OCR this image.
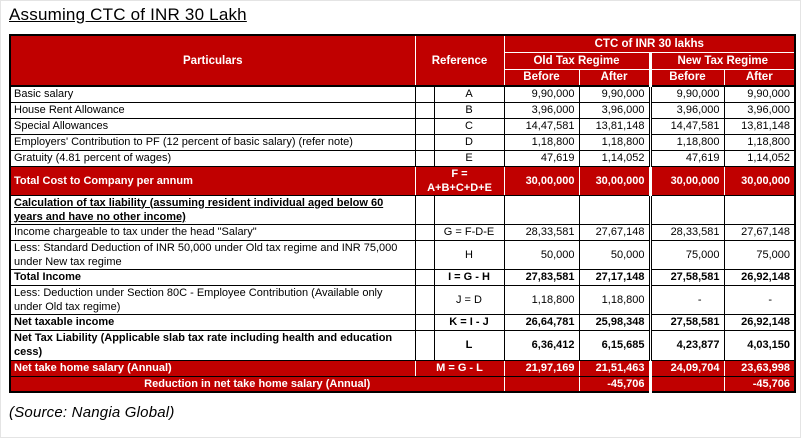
Assuming CTC of INR 30 Lakh
Particulars	Reference		CTC of INR 30 lakhs			
			Old Tax Regime		New Tax Regime	
			Before	After	Before	After
Basic salary		A	9,90,000	9,90,000	9,90,000	9,90,000
House Rent Allowance		B	3,96,000	3,96,000	3,96,000	3,96,000
Special Allowances		C	14,47,581	13,81,148	14,47,581	13,81,148
Employers' Contribution to PF (12 percent of basic salary) (refer note)		D	1,18,800	1,18,800	1,18,800	1,18,800
Gratuity (4.81 percent of wages)		E	47,619	1,14,052	47,619	1,14,052
Total Cost to Company per annum	F = A+B+C+D+E		30,00,000	30,00,000	30,00,000	30,00,000
Calculation of tax liability (assuming resident individual aged below 60 years and have no other income)						
Income chargeable to tax under the head "Salary"		G = F-D-E	28,33,581	27,67,148	28,33,581	27,67,148
Less: Standard Deduction of INR 50,000 under Old tax regime and INR 75,000 under New tax regime		H	50,000	50,000	75,000	75,000
Total Income		I = G - H	27,83,581	27,17,148	27,58,581	26,92,148
Less: Deduction under Section 80C - Employee Contribution (Available only under Old tax regime)		J = D	1,18,800	1,18,800	-	-
Net taxable income		K = I - J	26,64,781	25,98,348	27,58,581	26,92,148
Net Tax Liability (Applicable slab tax rate including health and education cess)		L	6,36,412	6,15,685	4,23,877	4,03,150
Net take home salary (Annual)	M = G - L		21,97,169	21,51,463	24,09,704	23,63,998
Reduction in net take home salary (Annual)				-45,706		-45,706
(Source: Nangia Global)
